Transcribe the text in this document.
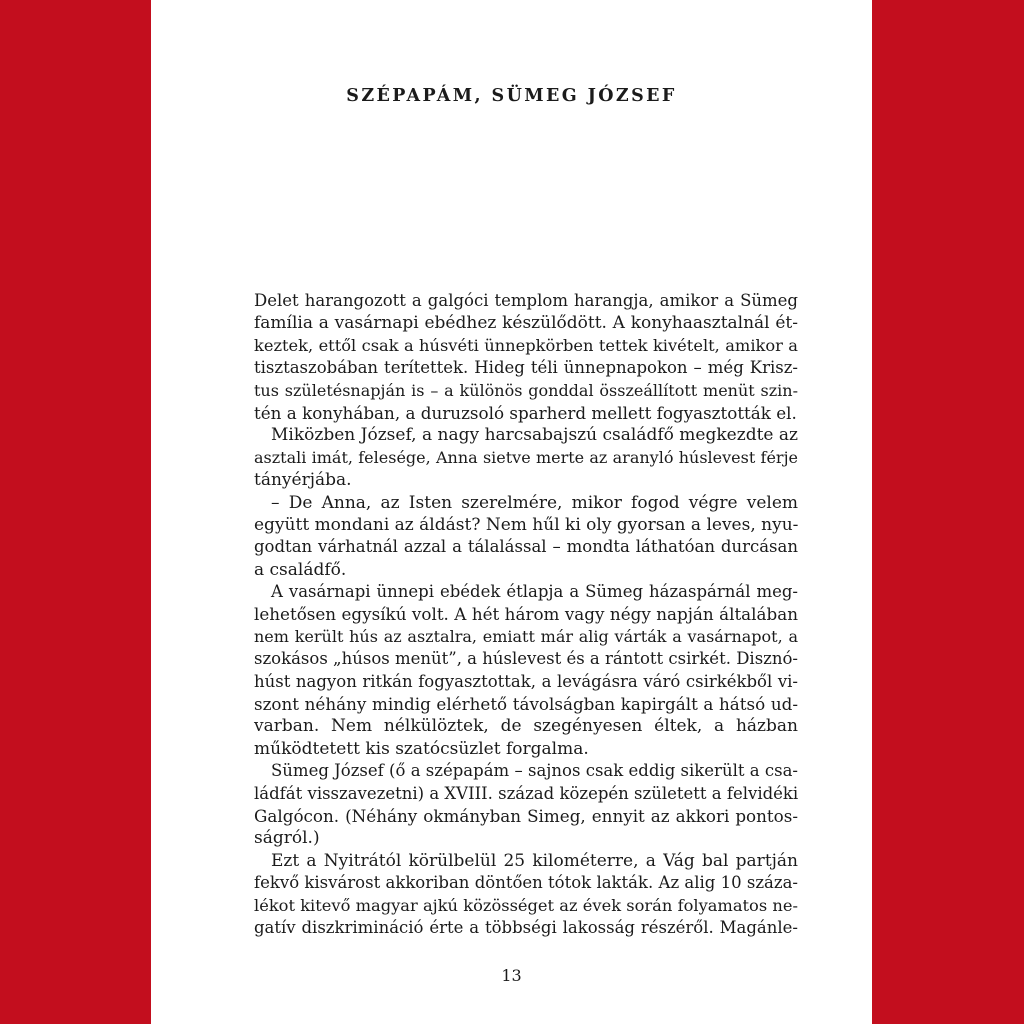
SZÉPAPÁM, SÜMEG JÓZSEF
Delet harangozott a galgóci templom harangja, amikor a Sümeg
família a vasárnapi ebédhez készülődött. A konyhaasztalnál ét-
keztek, ettől csak a húsvéti ünnepkörben tettek kivételt, amikor a
tisztaszobában terítettek. Hideg téli ünnepnapokon – még Krisz-
tus születésnapján is – a különös gonddal összeállított menüt szin-
tén a konyhában, a duruzsoló sparherd mellett fogyasztották el.
Miközben József, a nagy harcsabajszú családfő megkezdte az
asztali imát, felesége, Anna sietve merte az aranyló húslevest férje
tányérjába.
– De Anna, az Isten szerelmére, mikor fogod végre velem
együtt mondani az áldást? Nem hűl ki oly gyorsan a leves, nyu-
godtan várhatnál azzal a tálalással – mondta láthatóan durcásan
a családfő.
A vasárnapi ünnepi ebédek étlapja a Sümeg házaspárnál meg-
lehetősen egysíkú volt. A hét három vagy négy napján általában
nem került hús az asztalra, emiatt már alig várták a vasárnapot, a
szokásos „húsos menüt”, a húslevest és a rántott csirkét. Disznó-
húst nagyon ritkán fogyasztottak, a levágásra váró csirkékből vi-
szont néhány mindig elérhető távolságban kapirgált a hátsó ud-
varban. Nem nélkülöztek, de szegényesen éltek, a házban
működtetett kis szatócsüzlet forgalma.
Sümeg József (ő a szépapám – sajnos csak eddig sikerült a csa-
ládfát visszavezetni) a XVIII. század közepén született a felvidéki
Galgócon. (Néhány okmányban Simeg, ennyit az akkori pontos-
ságról.)
Ezt a Nyitrától körülbelül 25 kilométerre, a Vág bal partján
fekvő kisvárost akkoriban döntően tótok lakták. Az alig 10 száza-
lékot kitevő magyar ajkú közösséget az évek során folyamatos ne-
gatív diszkrimináció érte a többségi lakosság részéről. Magánle-
13
